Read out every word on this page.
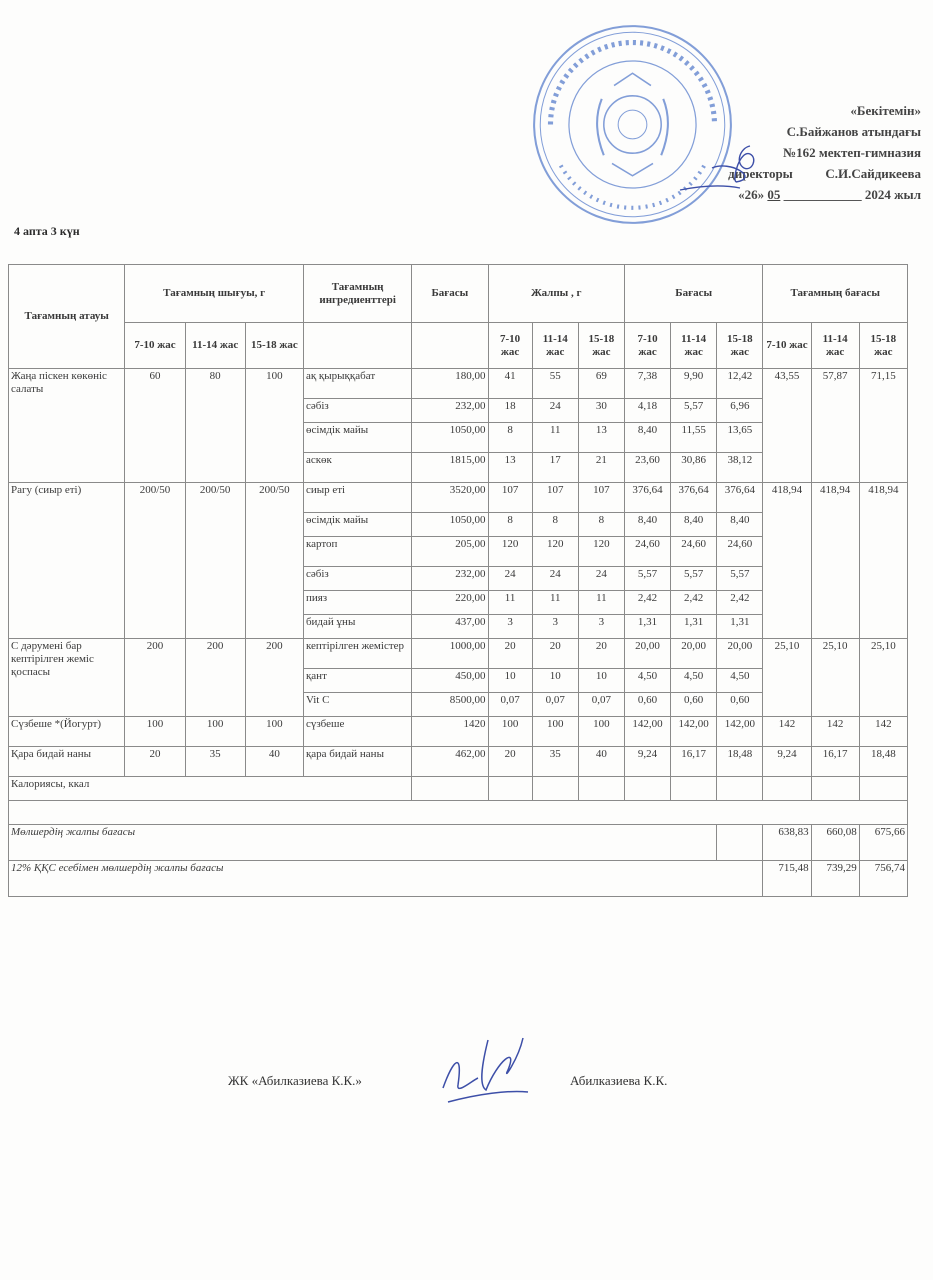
«Бекітемін»
С.Байжанов атындағы
№162 мектеп-гимназия
директоры	С.И.Сайдикеева
«26» 05 ____________ 2024 жыл
4 апта 3 күн
Тағамның атауы	Тағамның шығуы, г			Тағамның ингредиенттері	Бағасы	Жалпы , г			Бағасы			Тағамның бағасы		
	7-10 жас	11-14 жас	15-18 жас			7-10 жас	11-14 жас	15-18 жас	7-10 жас	11-14 жас	15-18 жас	7-10 жас	11-14 жас	15-18 жас
Жаңа піскен көкөніс салаты	60	80	100	ақ қырыққабат	180,00	41	55	69	7,38	9,90	12,42	43,55	57,87	71,15
				сәбіз	232,00	18	24	30	4,18	5,57	6,96			
				өсімдік майы	1050,00	8	11	13	8,40	11,55	13,65			
				аскөк	1815,00	13	17	21	23,60	30,86	38,12			
Рагу (сиыр еті)	200/50	200/50	200/50	сиыр еті	3520,00	107	107	107	376,64	376,64	376,64	418,94	418,94	418,94
				өсімдік майы	1050,00	8	8	8	8,40	8,40	8,40			
				картоп	205,00	120	120	120	24,60	24,60	24,60			
				сәбіз	232,00	24	24	24	5,57	5,57	5,57			
				пияз	220,00	11	11	11	2,42	2,42	2,42			
				бидай ұны	437,00	3	3	3	1,31	1,31	1,31			
С дәрумені бар кептірілген жеміс қоспасы	200	200	200	кептірілген жемістер	1000,00	20	20	20	20,00	20,00	20,00	25,10	25,10	25,10
				қант	450,00	10	10	10	4,50	4,50	4,50			
				Vit C	8500,00	0,07	0,07	0,07	0,60	0,60	0,60			
Сүзбеше *(Йогурт)	100	100	100	сүзбеше	1420	100	100	100	142,00	142,00	142,00	142	142	142
Қара бидай наны	20	35	40	қара бидай наны	462,00	20	35	40	9,24	16,17	18,48	9,24	16,17	18,48
Калориясы, ккал														

Мөлшердің жалпы бағасы												638,83	660,08	675,66
12% ҚҚС есебімен мөлшердің жалпы бағасы												715,48	739,29	756,74
ЖК «Абилказиева К.К.»	Абилказиева К.К.
